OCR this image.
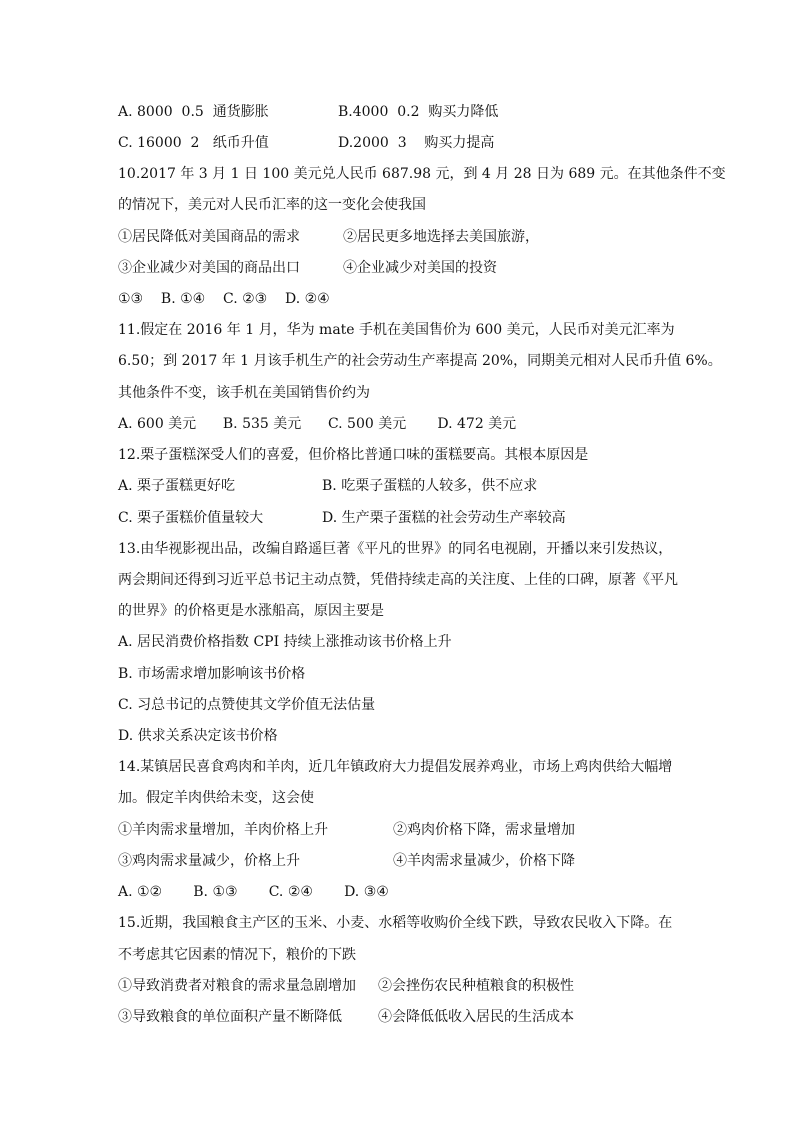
A. 8000  0.5  通货膨胀	B.4000  0.2  购买力降低
C. 16000  2   纸币升值	D.2000  3    购买力提高
10.2017 年 3 月 1 日 100 美元兑人民币 687.98 元，到 4 月 28 日为 689 元。在其他条件不变
的情况下，美元对人民币汇率的这一变化会使我国
①居民降低对美国商品的需求	②居民更多地选择去美国旅游，
③企业减少对美国的商品出口	④企业减少对美国的投资
①③    B. ①④    C. ②③    D. ②④
11.假定在 2016 年 1 月，华为 mate 手机在美国售价为 600 美元，人民币对美元汇率为
6.50；到 2017 年 1 月该手机生产的社会劳动生产率提高 20%，同期美元相对人民币升值 6%。
其他条件不变，该手机在美国销售价约为
A. 600 美元      B. 535 美元      C. 500 美元       D. 472 美元
12.栗子蛋糕深受人们的喜爱，但价格比普通口味的蛋糕要高。其根本原因是
A. 栗子蛋糕更好吃	B. 吃栗子蛋糕的人较多，供不应求
C. 栗子蛋糕价值量较大	D. 生产栗子蛋糕的社会劳动生产率较高
13.由华视影视出品，改编自路遥巨著《平凡的世界》的同名电视剧，开播以来引发热议，
两会期间还得到习近平总书记主动点赞，凭借持续走高的关注度、上佳的口碑，原著《平凡
的世界》的价格更是水涨船高，原因主要是
A. 居民消费价格指数 CPI 持续上涨推动该书价格上升
B. 市场需求增加影响该书价格
C. 习总书记的点赞使其文学价值无法估量
D. 供求关系决定该书价格
14.某镇居民喜食鸡肉和羊肉，近几年镇政府大力提倡发展养鸡业，市场上鸡肉供给大幅增
加。假定羊肉供给未变，这会使
①羊肉需求量增加，羊肉价格上升	②鸡肉价格下降，需求量增加
③鸡肉需求量减少，价格上升	④羊肉需求量减少，价格下降
A. ①②       B. ①③       C. ②④       D. ③④
15.近期，我国粮食主产区的玉米、小麦、水稻等收购价全线下跌，导致农民收入下降。在
不考虑其它因素的情况下，粮价的下跌
①导致消费者对粮食的需求量急剧增加 ②会挫伤农民种植粮食的积极性
③导致粮食的单位面积产量不断降低	④会降低低收入居民的生活成本
